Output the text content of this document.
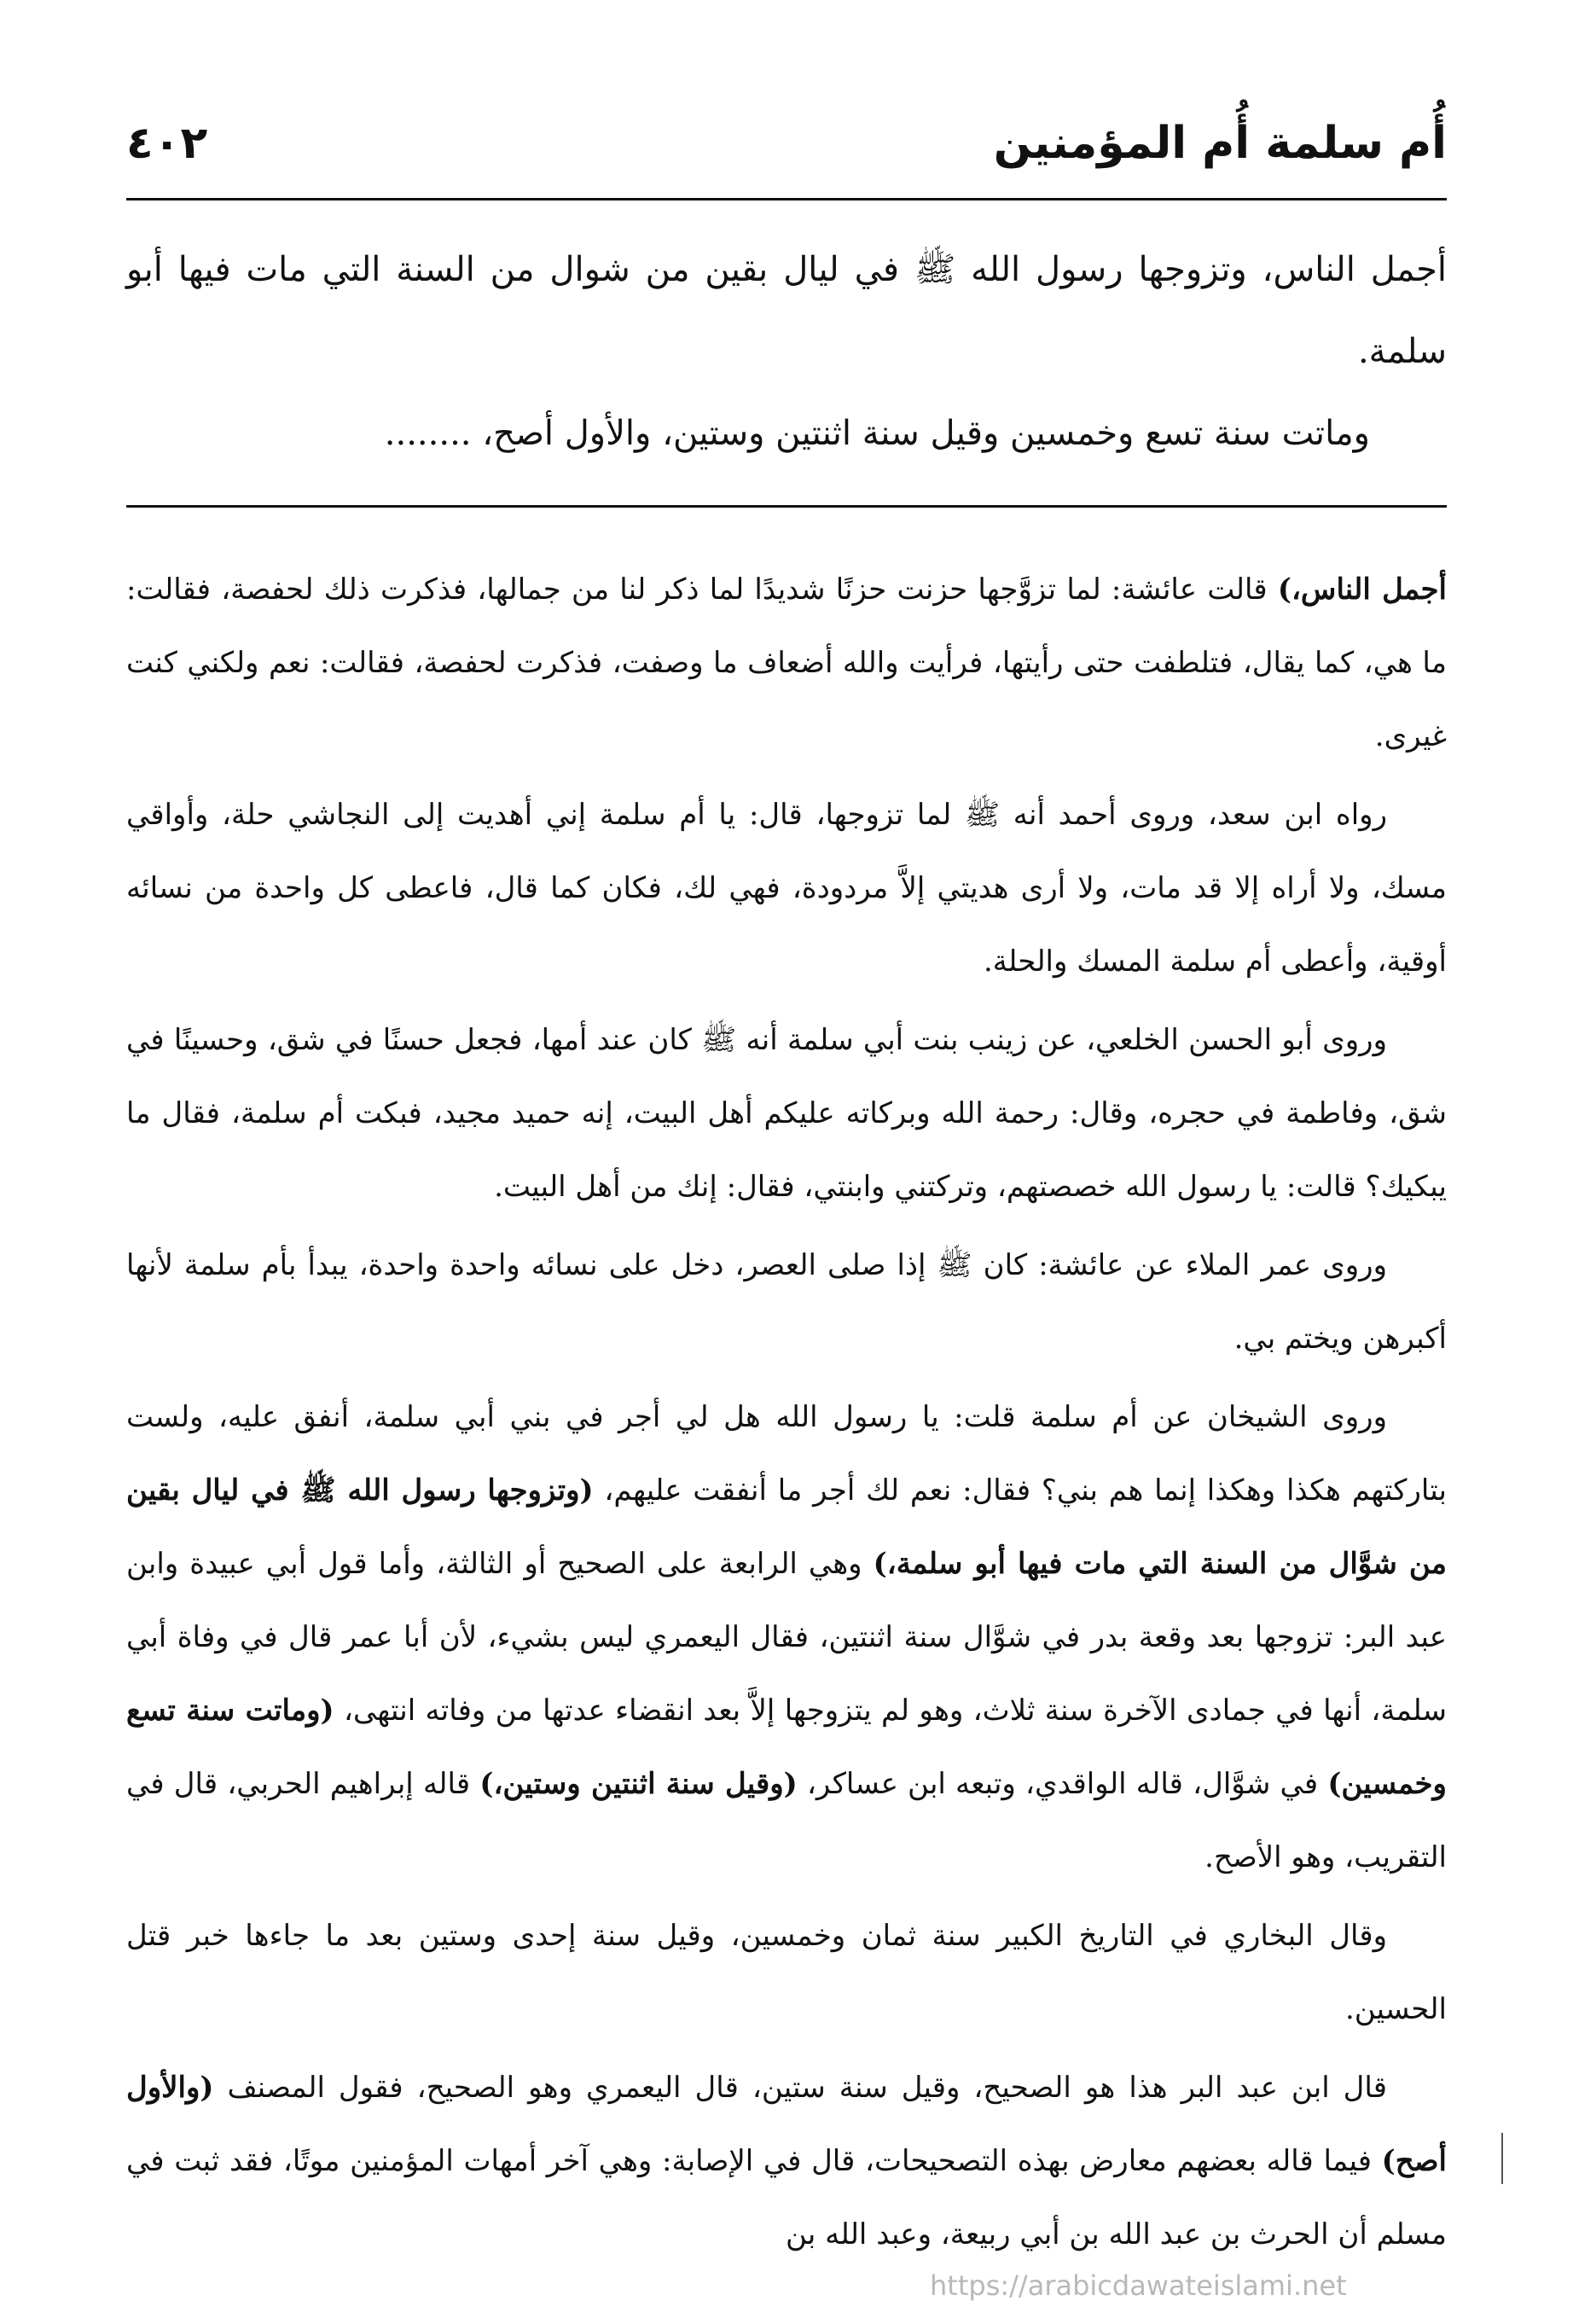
أُم سلمة أُم المؤمنين
٤٠٢

أجمل الناس، وتزوجها رسول الله ﷺ في ليال بقين من شوال من السنة التي مات فيها أبو سلمة.

وماتت سنة تسع وخمسين وقيل سنة اثنتين وستين، والأول أصح، ........

أجمل الناس،) قالت عائشة: لما تزوَّجها حزنت حزنًا شديدًا لما ذكر لنا من جمالها، فذكرت ذلك لحفصة، فقالت: ما هي، كما يقال، فتلطفت حتى رأيتها، فرأيت والله أضعاف ما وصفت، فذكرت لحفصة، فقالت: نعم ولكني كنت غيرى.

رواه ابن سعد، وروى أحمد أنه ﷺ لما تزوجها، قال: يا أم سلمة إني أهديت إلى النجاشي حلة، وأواقي مسك، ولا أراه إلا قد مات، ولا أرى هديتي إلاَّ مردودة، فهي لك، فكان كما قال، فاعطى كل واحدة من نسائه أوقية، وأعطى أم سلمة المسك والحلة.

وروى أبو الحسن الخلعي، عن زينب بنت أبي سلمة أنه ﷺ كان عند أمها، فجعل حسنًا في شق، وحسينًا في شق، وفاطمة في حجره، وقال: رحمة الله وبركاته عليكم أهل البيت، إنه حميد مجيد، فبكت أم سلمة، فقال ما يبكيك؟ قالت: يا رسول الله خصصتهم، وتركتني وابنتي، فقال: إنك من أهل البيت.

وروى عمر الملاء عن عائشة: كان ﷺ إذا صلى العصر، دخل على نسائه واحدة واحدة، يبدأ بأم سلمة لأنها أكبرهن ويختم بي.

وروى الشيخان عن أم سلمة قلت: يا رسول الله هل لي أجر في بني أبي سلمة، أنفق عليه، ولست بتاركتهم هكذا وهكذا إنما هم بني؟ فقال: نعم لك أجر ما أنفقت عليهم، (وتزوجها رسول الله ﷺ في ليال بقين من شوَّال من السنة التي مات فيها أبو سلمة،) وهي الرابعة على الصحيح أو الثالثة، وأما قول أبي عبيدة وابن عبد البر: تزوجها بعد وقعة بدر في شوَّال سنة اثنتين، فقال اليعمري ليس بشيء، لأن أبا عمر قال في وفاة أبي سلمة، أنها في جمادى الآخرة سنة ثلاث، وهو لم يتزوجها إلاَّ بعد انقضاء عدتها من وفاته انتهى، (وماتت سنة تسع وخمسين) في شوَّال، قاله الواقدي، وتبعه ابن عساكر، (وقيل سنة اثنتين وستين،) قاله إبراهيم الحربي، قال في التقريب، وهو الأصح.

وقال البخاري في التاريخ الكبير سنة ثمان وخمسين، وقيل سنة إحدى وستين بعد ما جاءها خبر قتل الحسين.

قال ابن عبد البر هذا هو الصحيح، وقيل سنة ستين، قال اليعمري وهو الصحيح، فقول المصنف (والأول أصح) فيما قاله بعضهم معارض بهذه التصحيحات، قال في الإصابة: وهي آخر أمهات المؤمنين موتًا، فقد ثبت في مسلم أن الحرث بن عبد الله بن أبي ربيعة، وعبد الله بن

https://arabicdawateislami.net
